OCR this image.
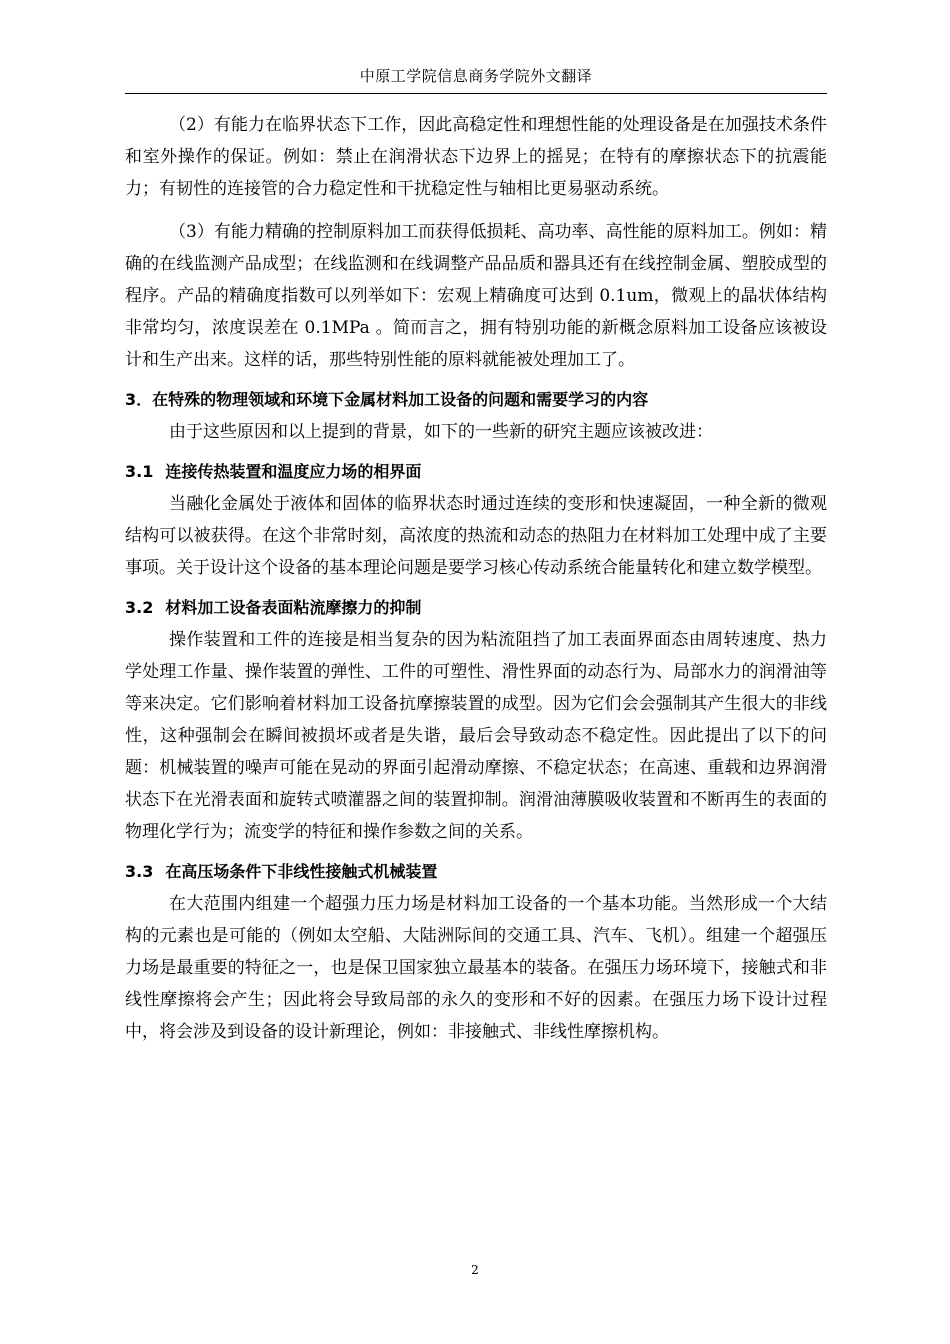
中原工学院信息商务学院外文翻译

（2）有能力在临界状态下工作，因此高稳定性和理想性能的处理设备是在加强技术条件和室外操作的保证。例如：禁止在润滑状态下边界上的摇晃；在特有的摩擦状态下的抗震能力；有韧性的连接管的合力稳定性和干扰稳定性与轴相比更易驱动系统。

（3）有能力精确的控制原料加工而获得低损耗、高功率、高性能的原料加工。例如：精确的在线监测产品成型；在线监测和在线调整产品品质和器具还有在线控制金属、塑胶成型的程序。产品的精确度指数可以列举如下：宏观上精确度可达到 0.1um，微观上的晶状体结构非常均匀，浓度误差在 0.1MPa 。简而言之，拥有特别功能的新概念原料加工设备应该被设计和生产出来。这样的话，那些特别性能的原料就能被处理加工了。

3．在特殊的物理领域和环境下金属材料加工设备的问题和需要学习的内容

由于这些原因和以上提到的背景，如下的一些新的研究主题应该被改进：

3.1 连接传热装置和温度应力场的相界面

当融化金属处于液体和固体的临界状态时通过连续的变形和快速凝固，一种全新的微观结构可以被获得。在这个非常时刻，高浓度的热流和动态的热阻力在材料加工处理中成了主要事项。关于设计这个设备的基本理论问题是要学习核心传动系统合能量转化和建立数学模型。

3.2 材料加工设备表面粘流摩擦力的抑制

操作装置和工件的连接是相当复杂的因为粘流阻挡了加工表面界面态由周转速度、热力学处理工作量、操作装置的弹性、工件的可塑性、滑性界面的动态行为、局部水力的润滑油等等来决定。它们影响着材料加工设备抗摩擦装置的成型。因为它们会会强制其产生很大的非线性，这种强制会在瞬间被损坏或者是失谐，最后会导致动态不稳定性。因此提出了以下的问题：机械装置的噪声可能在晃动的界面引起滑动摩擦、不稳定状态；在高速、重载和边界润滑状态下在光滑表面和旋转式喷灌器之间的装置抑制。润滑油薄膜吸收装置和不断再生的表面的物理化学行为；流变学的特征和操作参数之间的关系。

3.3 在高压场条件下非线性接触式机械装置

在大范围内组建一个超强力压力场是材料加工设备的一个基本功能。当然形成一个大结构的元素也是可能的（例如太空船、大陆洲际间的交通工具、汽车、飞机）。组建一个超强压力场是最重要的特征之一，也是保卫国家独立最基本的装备。在强压力场环境下，接触式和非线性摩擦将会产生；因此将会导致局部的永久的变形和不好的因素。在强压力场下设计过程中，将会涉及到设备的设计新理论，例如：非接触式、非线性摩擦机构。

2
